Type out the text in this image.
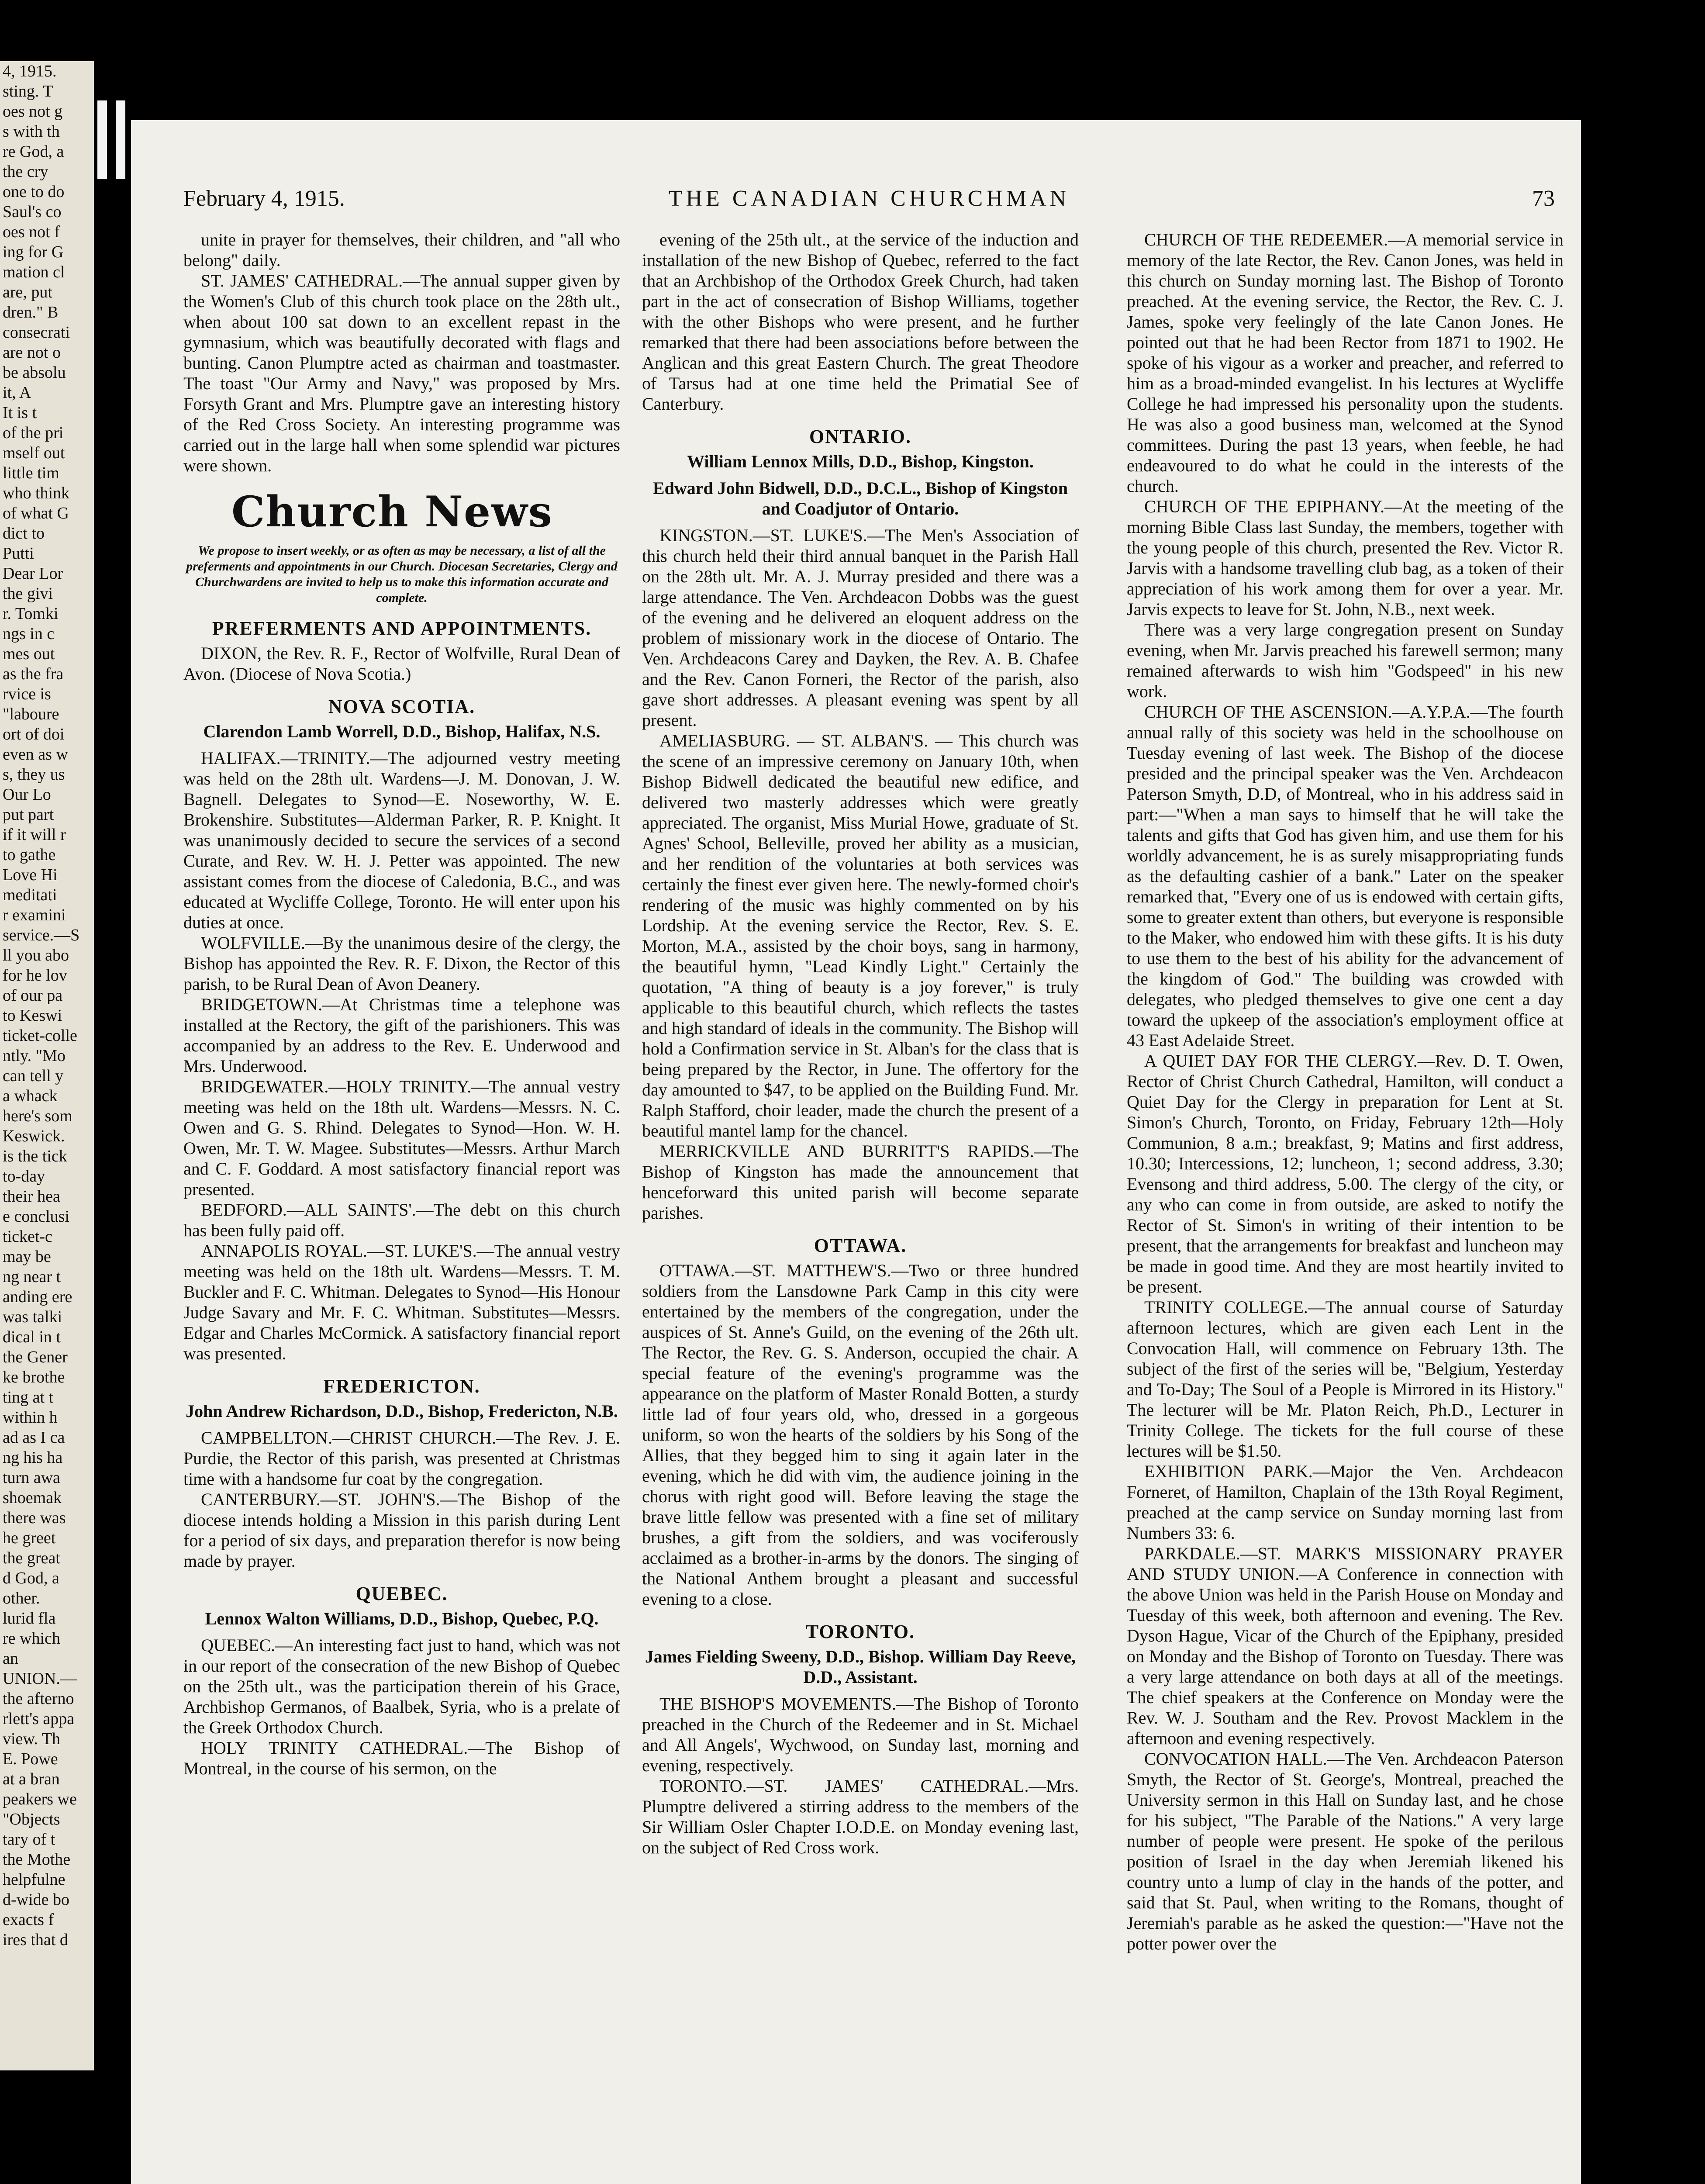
4, 1915.
sting. T
oes not g
s with th
re God, a
the cry
one to do
Saul's co
oes not f
ing for G
mation cl
are, put
dren." B
consecrati
are not o
be absolu
it, A
It is t
of the pri
mself out
little tim
who think
of what G
dict to
Putti
Dear Lor
the givi
r. Tomki
ngs in c
mes out
as the fra
rvice is
"laboure
ort of doi
even as w
s, they us
Our Lo
put part
if it will r
to gathe
Love Hi
meditati
r examini
service.—S
ll you abo
for he lov
of our pa
to Keswi
ticket-colle
ntly. "Mo
can tell y
a whack
here's som
Keswick.
is the tick
to-day
their hea
e conclusi
ticket-c
may be
ng near t
anding ere
was talki
dical in t
the Gener
ke brothe
ting at t
within h
ad as I ca
ng his ha
turn awa
shoemak
there was
he greet
the great
d God, a
other.
lurid fla
re which
an
UNION.—
the afterno
rlett's appa
view. Th
E. Powe
at a bran
peakers we
"Objects
tary of t
the Mothe
helpfulne
d-wide bo
exacts f
ires that d
February 4, 1915.	THE CANADIAN CHURCHMAN	73

unite in prayer for themselves, their children, and "all who belong" daily.

ST. JAMES' CATHEDRAL.—The annual supper given by the Women's Club of this church took place on the 28th ult., when about 100 sat down to an excellent repast in the gymnasium, which was beautifully decorated with flags and bunting. Canon Plumptre acted as chairman and toastmaster. The toast "Our Army and Navy," was proposed by Mrs. Forsyth Grant and Mrs. Plumptre gave an interesting history of the Red Cross Society. An interesting programme was carried out in the large hall when some splendid war pictures were shown.

Church News

We propose to insert weekly, or as often as may be necessary, a list of all the preferments and appointments in our Church. Diocesan Secretaries, Clergy and Churchwardens are invited to help us to make this information accurate and complete.

PREFERMENTS AND APPOINTMENTS.

DIXON, the Rev. R. F., Rector of Wolfville, Rural Dean of Avon. (Diocese of Nova Scotia.)

NOVA SCOTIA.

Clarendon Lamb Worrell, D.D., Bishop, Halifax, N.S.

HALIFAX.—TRINITY.—The adjourned vestry meeting was held on the 28th ult. Wardens—J. M. Donovan, J. W. Bagnell. Delegates to Synod—E. Noseworthy, W. E. Brokenshire. Substitutes—Alderman Parker, R. P. Knight. It was unanimously decided to secure the services of a second Curate, and Rev. W. H. J. Petter was appointed. The new assistant comes from the diocese of Caledonia, B.C., and was educated at Wycliffe College, Toronto. He will enter upon his duties at once.

WOLFVILLE.—By the unanimous desire of the clergy, the Bishop has appointed the Rev. R. F. Dixon, the Rector of this parish, to be Rural Dean of Avon Deanery.

BRIDGETOWN.—At Christmas time a telephone was installed at the Rectory, the gift of the parishioners. This was accompanied by an address to the Rev. E. Underwood and Mrs. Underwood.

BRIDGEWATER.—HOLY TRINITY.—The annual vestry meeting was held on the 18th ult. Wardens—Messrs. N. C. Owen and G. S. Rhind. Delegates to Synod—Hon. W. H. Owen, Mr. T. W. Magee. Substitutes—Messrs. Arthur March and C. F. Goddard. A most satisfactory financial report was presented.

BEDFORD.—ALL SAINTS'.—The debt on this church has been fully paid off.

ANNAPOLIS ROYAL.—ST. LUKE'S.—The annual vestry meeting was held on the 18th ult. Wardens—Messrs. T. M. Buckler and F. C. Whitman. Delegates to Synod—His Honour Judge Savary and Mr. F. C. Whitman. Substitutes—Messrs. Edgar and Charles McCormick. A satisfactory financial report was presented.

FREDERICTON.

John Andrew Richardson, D.D., Bishop, Fredericton, N.B.

CAMPBELLTON.—CHRIST CHURCH.—The Rev. J. E. Purdie, the Rector of this parish, was presented at Christmas time with a handsome fur coat by the congregation.

CANTERBURY.—ST. JOHN'S.—The Bishop of the diocese intends holding a Mission in this parish during Lent for a period of six days, and preparation therefor is now being made by prayer.

QUEBEC.

Lennox Walton Williams, D.D., Bishop, Quebec, P.Q.

QUEBEC.—An interesting fact just to hand, which was not in our report of the consecration of the new Bishop of Quebec on the 25th ult., was the participation therein of his Grace, Archbishop Germanos, of Baalbek, Syria, who is a prelate of the Greek Orthodox Church.

HOLY TRINITY CATHEDRAL.—The Bishop of Montreal, in the course of his sermon, on the

evening of the 25th ult., at the service of the induction and installation of the new Bishop of Quebec, referred to the fact that an Archbishop of the Orthodox Greek Church, had taken part in the act of consecration of Bishop Williams, together with the other Bishops who were present, and he further remarked that there had been associations before between the Anglican and this great Eastern Church. The great Theodore of Tarsus had at one time held the Primatial See of Canterbury.

ONTARIO.

William Lennox Mills, D.D., Bishop, Kingston.

Edward John Bidwell, D.D., D.C.L., Bishop of Kingston and Coadjutor of Ontario.

KINGSTON.—ST. LUKE'S.—The Men's Association of this church held their third annual banquet in the Parish Hall on the 28th ult. Mr. A. J. Murray presided and there was a large attendance. The Ven. Archdeacon Dobbs was the guest of the evening and he delivered an eloquent address on the problem of missionary work in the diocese of Ontario. The Ven. Archdeacons Carey and Dayken, the Rev. A. B. Chafee and the Rev. Canon Forneri, the Rector of the parish, also gave short addresses. A pleasant evening was spent by all present.

AMELIASBURG. — ST. ALBAN'S. — This church was the scene of an impressive ceremony on January 10th, when Bishop Bidwell dedicated the beautiful new edifice, and delivered two masterly addresses which were greatly appreciated. The organist, Miss Murial Howe, graduate of St. Agnes' School, Belleville, proved her ability as a musician, and her rendition of the voluntaries at both services was certainly the finest ever given here. The newly-formed choir's rendering of the music was highly commented on by his Lordship. At the evening service the Rector, Rev. S. E. Morton, M.A., assisted by the choir boys, sang in harmony, the beautiful hymn, "Lead Kindly Light." Certainly the quotation, "A thing of beauty is a joy forever," is truly applicable to this beautiful church, which reflects the tastes and high standard of ideals in the community. The Bishop will hold a Confirmation service in St. Alban's for the class that is being prepared by the Rector, in June. The offertory for the day amounted to $47, to be applied on the Building Fund. Mr. Ralph Stafford, choir leader, made the church the present of a beautiful mantel lamp for the chancel.

MERRICKVILLE AND BURRITT'S RAPIDS.—The Bishop of Kingston has made the announcement that henceforward this united parish will become separate parishes.

OTTAWA.

OTTAWA.—ST. MATTHEW'S.—Two or three hundred soldiers from the Lansdowne Park Camp in this city were entertained by the members of the congregation, under the auspices of St. Anne's Guild, on the evening of the 26th ult. The Rector, the Rev. G. S. Anderson, occupied the chair. A special feature of the evening's programme was the appearance on the platform of Master Ronald Botten, a sturdy little lad of four years old, who, dressed in a gorgeous uniform, so won the hearts of the soldiers by his Song of the Allies, that they begged him to sing it again later in the evening, which he did with vim, the audience joining in the chorus with right good will. Before leaving the stage the brave little fellow was presented with a fine set of military brushes, a gift from the soldiers, and was vociferously acclaimed as a brother-in-arms by the donors. The singing of the National Anthem brought a pleasant and successful evening to a close.

TORONTO.

James Fielding Sweeny, D.D., Bishop. William Day Reeve, D.D., Assistant.

THE BISHOP'S MOVEMENTS.—The Bishop of Toronto preached in the Church of the Redeemer and in St. Michael and All Angels', Wychwood, on Sunday last, morning and evening, respectively.

TORONTO.—ST. JAMES' CATHEDRAL.—Mrs. Plumptre delivered a stirring address to the members of the Sir William Osler Chapter I.O.D.E. on Monday evening last, on the subject of Red Cross work.

CHURCH OF THE REDEEMER.—A memorial service in memory of the late Rector, the Rev. Canon Jones, was held in this church on Sunday morning last. The Bishop of Toronto preached. At the evening service, the Rector, the Rev. C. J. James, spoke very feelingly of the late Canon Jones. He pointed out that he had been Rector from 1871 to 1902. He spoke of his vigour as a worker and preacher, and referred to him as a broad-minded evangelist. In his lectures at Wycliffe College he had impressed his personality upon the students. He was also a good business man, welcomed at the Synod committees. During the past 13 years, when feeble, he had endeavoured to do what he could in the interests of the church.

CHURCH OF THE EPIPHANY.—At the meeting of the morning Bible Class last Sunday, the members, together with the young people of this church, presented the Rev. Victor R. Jarvis with a handsome travelling club bag, as a token of their appreciation of his work among them for over a year. Mr. Jarvis expects to leave for St. John, N.B., next week.

There was a very large congregation present on Sunday evening, when Mr. Jarvis preached his farewell sermon; many remained afterwards to wish him "Godspeed" in his new work.

CHURCH OF THE ASCENSION.—A.Y.P.A.—The fourth annual rally of this society was held in the schoolhouse on Tuesday evening of last week. The Bishop of the diocese presided and the principal speaker was the Ven. Archdeacon Paterson Smyth, D.D, of Montreal, who in his address said in part:—"When a man says to himself that he will take the talents and gifts that God has given him, and use them for his worldly advancement, he is as surely misappropriating funds as the defaulting cashier of a bank." Later on the speaker remarked that, "Every one of us is endowed with certain gifts, some to greater extent than others, but everyone is responsible to the Maker, who endowed him with these gifts. It is his duty to use them to the best of his ability for the advancement of the kingdom of God." The building was crowded with delegates, who pledged themselves to give one cent a day toward the upkeep of the association's employment office at 43 East Adelaide Street.

A QUIET DAY FOR THE CLERGY.—Rev. D. T. Owen, Rector of Christ Church Cathedral, Hamilton, will conduct a Quiet Day for the Clergy in preparation for Lent at St. Simon's Church, Toronto, on Friday, February 12th—Holy Communion, 8 a.m.; breakfast, 9; Matins and first address, 10.30; Intercessions, 12; luncheon, 1; second address, 3.30; Evensong and third address, 5.00. The clergy of the city, or any who can come in from outside, are asked to notify the Rector of St. Simon's in writing of their intention to be present, that the arrangements for breakfast and luncheon may be made in good time. And they are most heartily invited to be present.

TRINITY COLLEGE.—The annual course of Saturday afternoon lectures, which are given each Lent in the Convocation Hall, will commence on February 13th. The subject of the first of the series will be, "Belgium, Yesterday and To-Day; The Soul of a People is Mirrored in its History." The lecturer will be Mr. Platon Reich, Ph.D., Lecturer in Trinity College. The tickets for the full course of these lectures will be $1.50.

EXHIBITION PARK.—Major the Ven. Archdeacon Forneret, of Hamilton, Chaplain of the 13th Royal Regiment, preached at the camp service on Sunday morning last from Numbers 33: 6.

PARKDALE.—ST. MARK'S MISSIONARY PRAYER AND STUDY UNION.—A Conference in connection with the above Union was held in the Parish House on Monday and Tuesday of this week, both afternoon and evening. The Rev. Dyson Hague, Vicar of the Church of the Epiphany, presided on Monday and the Bishop of Toronto on Tuesday. There was a very large attendance on both days at all of the meetings. The chief speakers at the Conference on Monday were the Rev. W. J. Southam and the Rev. Provost Macklem in the afternoon and evening respectively.

CONVOCATION HALL.—The Ven. Archdeacon Paterson Smyth, the Rector of St. George's, Montreal, preached the University sermon in this Hall on Sunday last, and he chose for his subject, "The Parable of the Nations." A very large number of people were present. He spoke of the perilous position of Israel in the day when Jeremiah likened his country unto a lump of clay in the hands of the potter, and said that St. Paul, when writing to the Romans, thought of Jeremiah's parable as he asked the question:—"Have not the potter power over the
